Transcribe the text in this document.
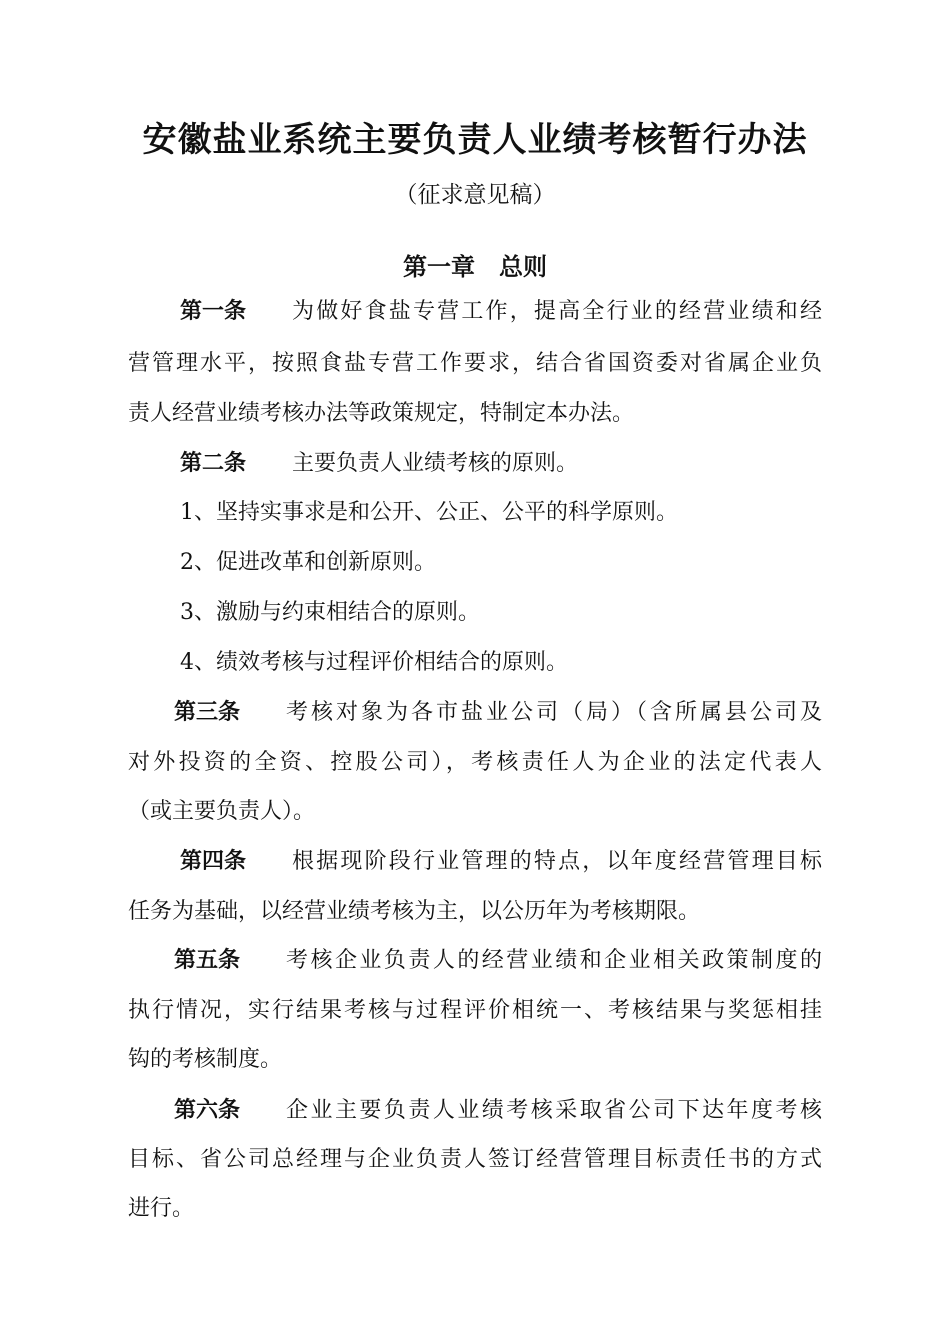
安徽盐业系统主要负责人业绩考核暂行办法
（征求意见稿）
第一章　总则
第一条 为做好食盐专营工作，提高全行业的经营业绩和经
营管理水平，按照食盐专营工作要求，结合省国资委对省属企业负
责人经营业绩考核办法等政策规定，特制定本办法。
第二条 主要负责人业绩考核的原则。
1、坚持实事求是和公开、公正、公平的科学原则。
2、促进改革和创新原则。
3、激励与约束相结合的原则。
4、绩效考核与过程评价相结合的原则。
第三条 考核对象为各市盐业公司（局）（含所属县公司及
对外投资的全资、控股公司），考核责任人为企业的法定代表人
（或主要负责人）。
第四条 根据现阶段行业管理的特点，以年度经营管理目标
任务为基础，以经营业绩考核为主，以公历年为考核期限。
第五条 考核企业负责人的经营业绩和企业相关政策制度的
执行情况，实行结果考核与过程评价相统一、考核结果与奖惩相挂
钩的考核制度。
第六条 企业主要负责人业绩考核采取省公司下达年度考核
目标、省公司总经理与企业负责人签订经营管理目标责任书的方式
进行。
